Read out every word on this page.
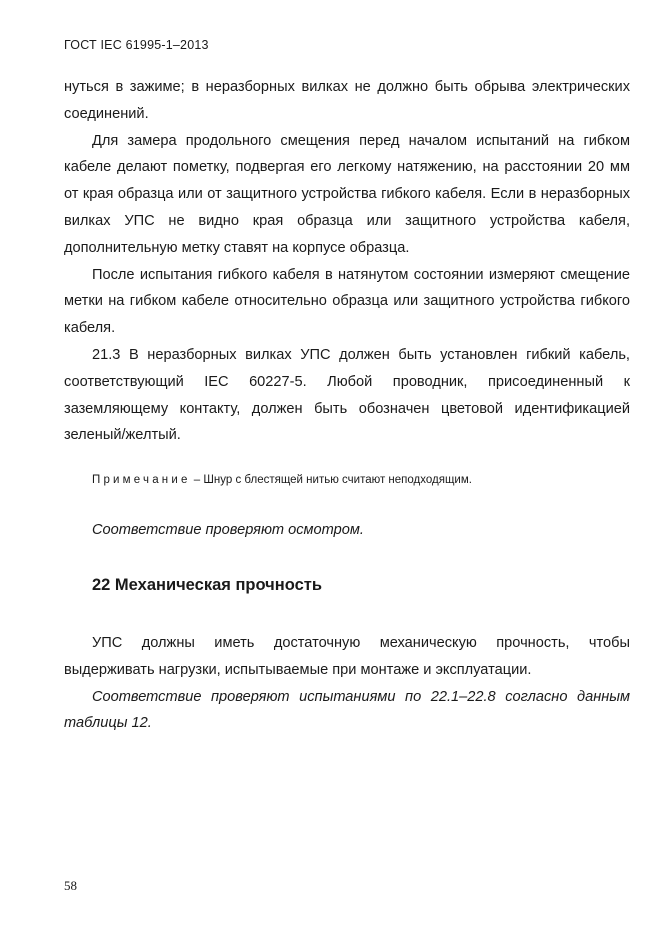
ГОСТ IEC 61995-1–2013

нуться в зажиме; в неразборных вилках не должно быть обрыва электрических соединений.

Для замера продольного смещения перед началом испытаний на гибком кабеле делают пометку, подвергая его легкому натяжению, на расстоянии 20 мм от края образца или от защитного устройства гибкого кабеля. Если в неразборных вилках УПС не видно края образца или защитного устройства кабеля, дополнительную метку ставят на корпусе образца.

После испытания гибкого кабеля в натянутом состоянии измеряют смещение метки на гибком кабеле относительно образца или защитного устройства гибкого кабеля.

21.3 В неразборных вилках УПС должен быть установлен гибкий кабель, соответствующий IEC 60227-5. Любой проводник, присоединенный к заземляющему контакту, должен быть обозначен цветовой идентификацией зеленый/желтый.

Примечание – Шнур с блестящей нитью считают неподходящим.
Соответствие проверяют осмотром.
22 Механическая прочность

УПС должны иметь достаточную механическую прочность, чтобы выдерживать нагрузки, испытываемые при монтаже и эксплуатации.

Соответствие проверяют испытаниями по 22.1–22.8 согласно данным таблицы 12.

58
